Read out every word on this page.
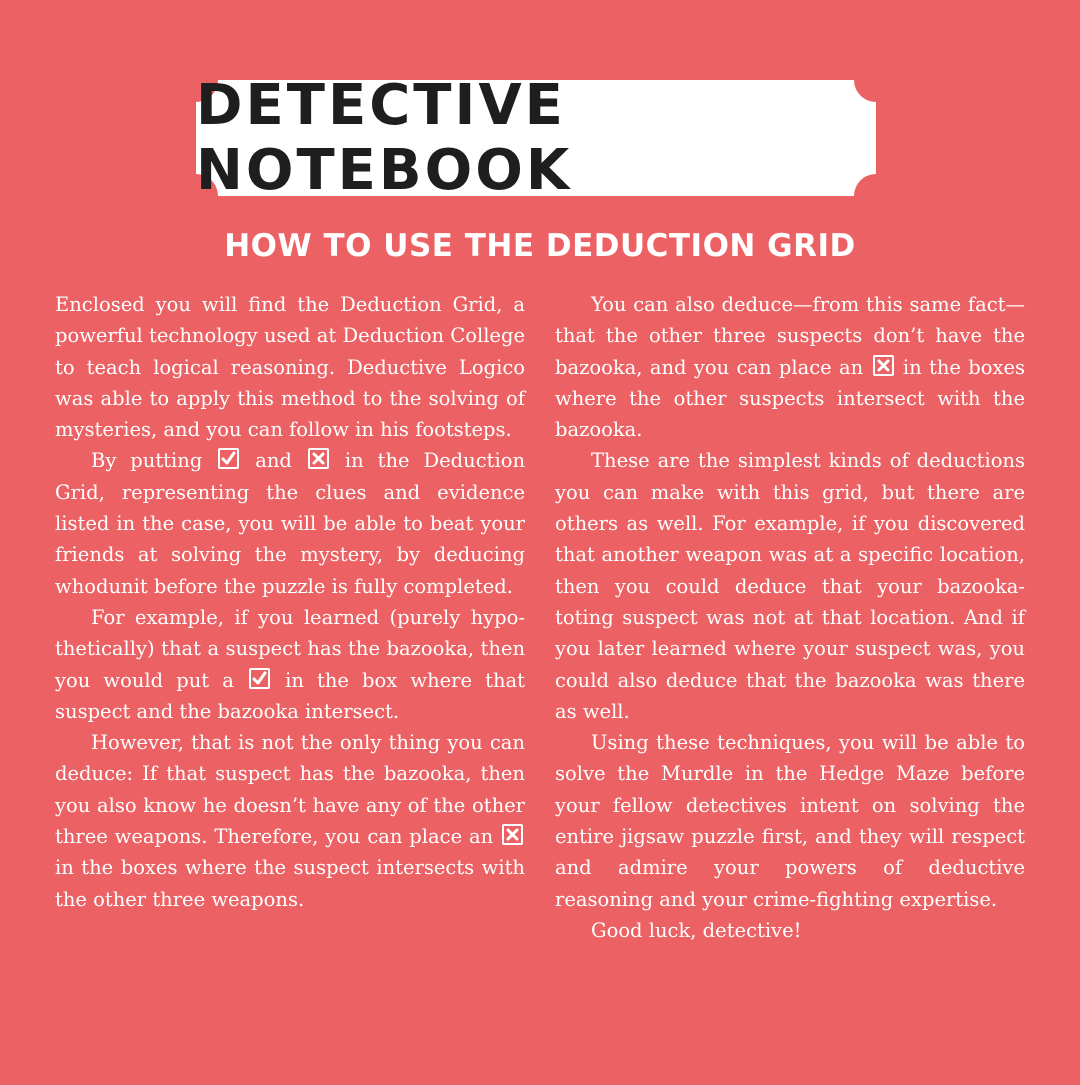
DETECTIVE NOTEBOOK
HOW TO USE THE DEDUCTION GRID

Enclosed you will find the Deduction Grid, a powerful technology used at Deduction College to teach logical reasoning. Deductive Logico was able to apply this method to the solving of mysteries, and you can follow in his footsteps.

By putting	and	in the Deduction Grid, representing the clues and evidence listed in the case, you will be able to beat your friends at solving the mystery, by deducing whodunit before the puzzle is fully completed.

For example, if you learned (purely hypothetically) that a suspect has the bazooka, then you would put a	in the box where that suspect and the bazooka intersect.

However, that is not the only thing you can deduce: If that suspect has the bazooka, then you also know he doesn’t have any of the other three weapons. Therefore, you can place an
in the boxes where the suspect intersects with the other three weapons.

You can also deduce—from this same fact—that the other three suspects don’t have the bazooka, and you can place an in the boxes where the other suspects intersect with the bazooka.

These are the simplest kinds of deductions you can make with this grid, but there are others as well. For example, if you discovered that another weapon was at a specific location, then you could deduce that your bazooka-toting suspect was not at that location. And if you later learned where your suspect was, you could also deduce that the bazooka was there as well.

Using these techniques, you will be able to solve the Murdle in the Hedge Maze before your fellow detectives intent on solving the entire jigsaw puzzle first, and they will respect and admire your powers of deductive reasoning and your crime-fighting expertise.

Good luck, detective!
